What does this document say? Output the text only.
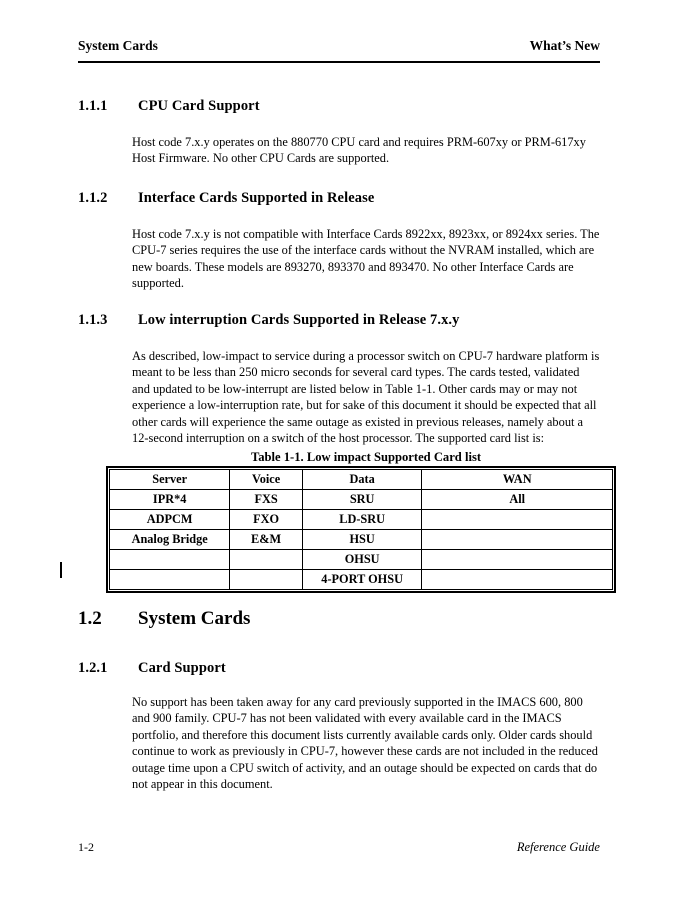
System Cards	What’s New
1.1.1	CPU Card Support
Host code 7.x.y operates on the 880770 CPU card and requires PRM-607xy or PRM-617xy Host Firmware. No other CPU Cards are supported.
1.1.2	Interface Cards Supported in Release
Host code 7.x.y is not compatible with Interface Cards 8922xx, 8923xx, or 8924xx series. The CPU-7 series requires the use of the interface cards without the NVRAM installed, which are new boards. These models are 893270, 893370 and 893470. No other Interface Cards are supported.
1.1.3	Low interruption Cards Supported in Release 7.x.y
As described, low-impact to service during a processor switch on CPU-7 hardware platform is meant to be less than 250 micro seconds for several card types. The cards tested, validated and updated to be low-interrupt are listed below in Table 1-1. Other cards may or may not experience a low-interruption rate, but for sake of this document it should be expected that all other cards will experience the same outage as existed in previous releases, namely about a 12-second interruption on a switch of the host processor. The supported card list is:
Table 1-1. Low impact Supported Card list
Server	Voice	Data	WAN
IPR*4	FXS	SRU	All
ADPCM	FXO	LD-SRU	
Analog Bridge	E&M	HSU	
		OHSU	
		4-PORT OHSU	
1.2	System Cards
1.2.1	Card Support
No support has been taken away for any card previously supported in the IMACS 600, 800 and 900 family. CPU-7 has not been validated with every available card in the IMACS portfolio, and therefore this document lists currently available cards only. Older cards should continue to work as previously in CPU-7, however these cards are not included in the reduced outage time upon a CPU switch of activity, and an outage should be expected on cards that do not appear in this document.
1-2	Reference Guide
